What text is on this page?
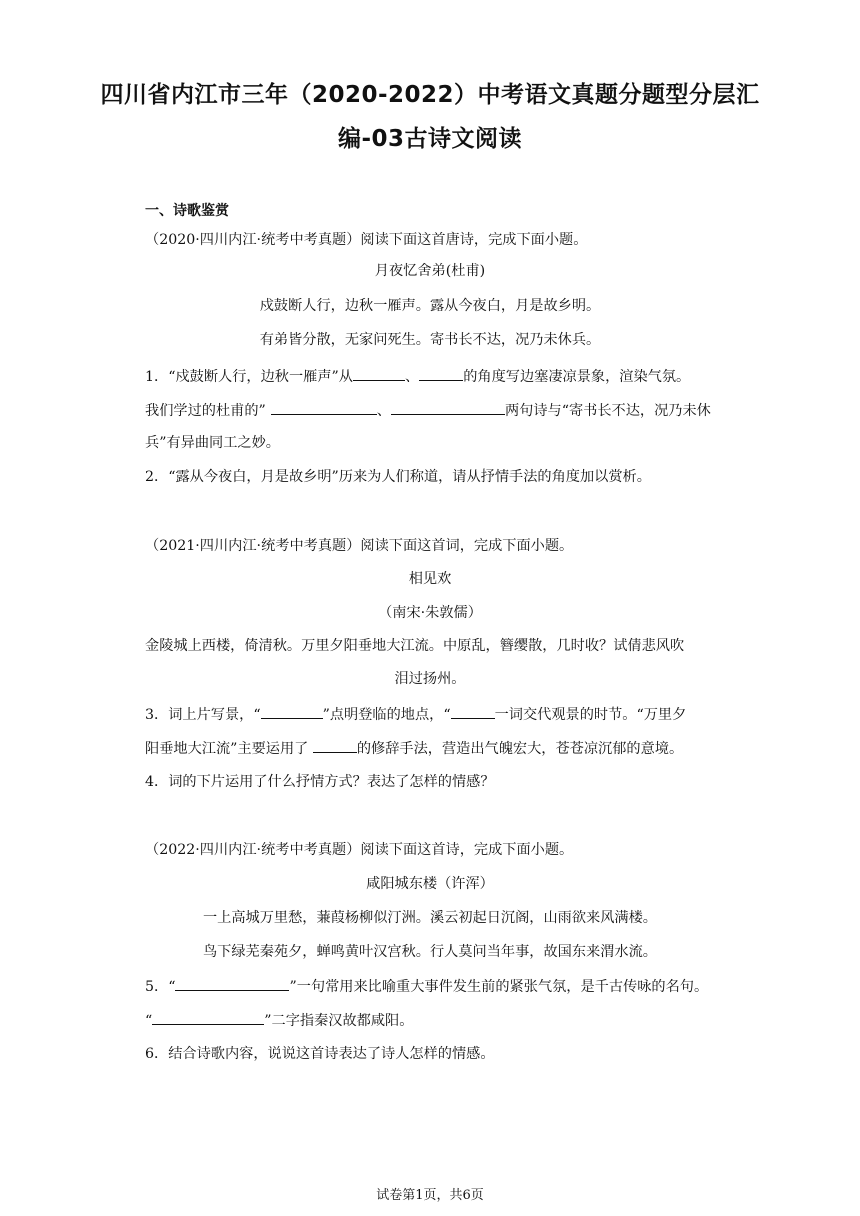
四川省内江市三年（2020-2022）中考语文真题分题型分层汇
编-03古诗文阅读
一、诗歌鉴赏
（2020·四川内江·统考中考真题）阅读下面这首唐诗，完成下面小题。
月夜忆舍弟(杜甫)
戍鼓断人行，边秋一雁声。露从今夜白，月是故乡明。
有弟皆分散，无家问死生。寄书长不达，况乃未休兵。
1．“戍鼓断人行，边秋一雁声”从	、	的角度写边塞凄凉景象，渲染气氛。
我们学过的杜甫的”	、	两句诗与“寄书长不达，况乃未休
兵”有异曲同工之妙。
2．“露从今夜白，月是故乡明”历来为人们称道，请从抒情手法的角度加以赏析。
（2021·四川内江·统考中考真题）阅读下面这首词，完成下面小题。
相见欢
（南宋·朱敦儒）
金陵城上西楼，倚清秋。万里夕阳垂地大江流。中原乱，簪缨散，几时收？试倩悲风吹
泪过扬州。
3．词上片写景，“	”点明登临的地点，“	一词交代观景的时节。“万里夕
阳垂地大江流”主要运用了	的修辞手法，营造出气魄宏大，苍苍凉沉郁的意境。
4．词的下片运用了什么抒情方式？表达了怎样的情感？
（2022·四川内江·统考中考真题）阅读下面这首诗，完成下面小题。
咸阳城东楼（许浑）
一上高城万里愁，蒹葭杨柳似汀洲。溪云初起日沉阁，山雨欲来风满楼。
鸟下绿芜秦苑夕，蝉鸣黄叶汉宫秋。行人莫问当年事，故国东来渭水流。
5．“	”一句常用来比喻重大事件发生前的紧张气氛，是千古传咏的名句。
“	”二字指秦汉故都咸阳。
6．结合诗歌内容，说说这首诗表达了诗人怎样的情感。
试卷第1页，共6页
